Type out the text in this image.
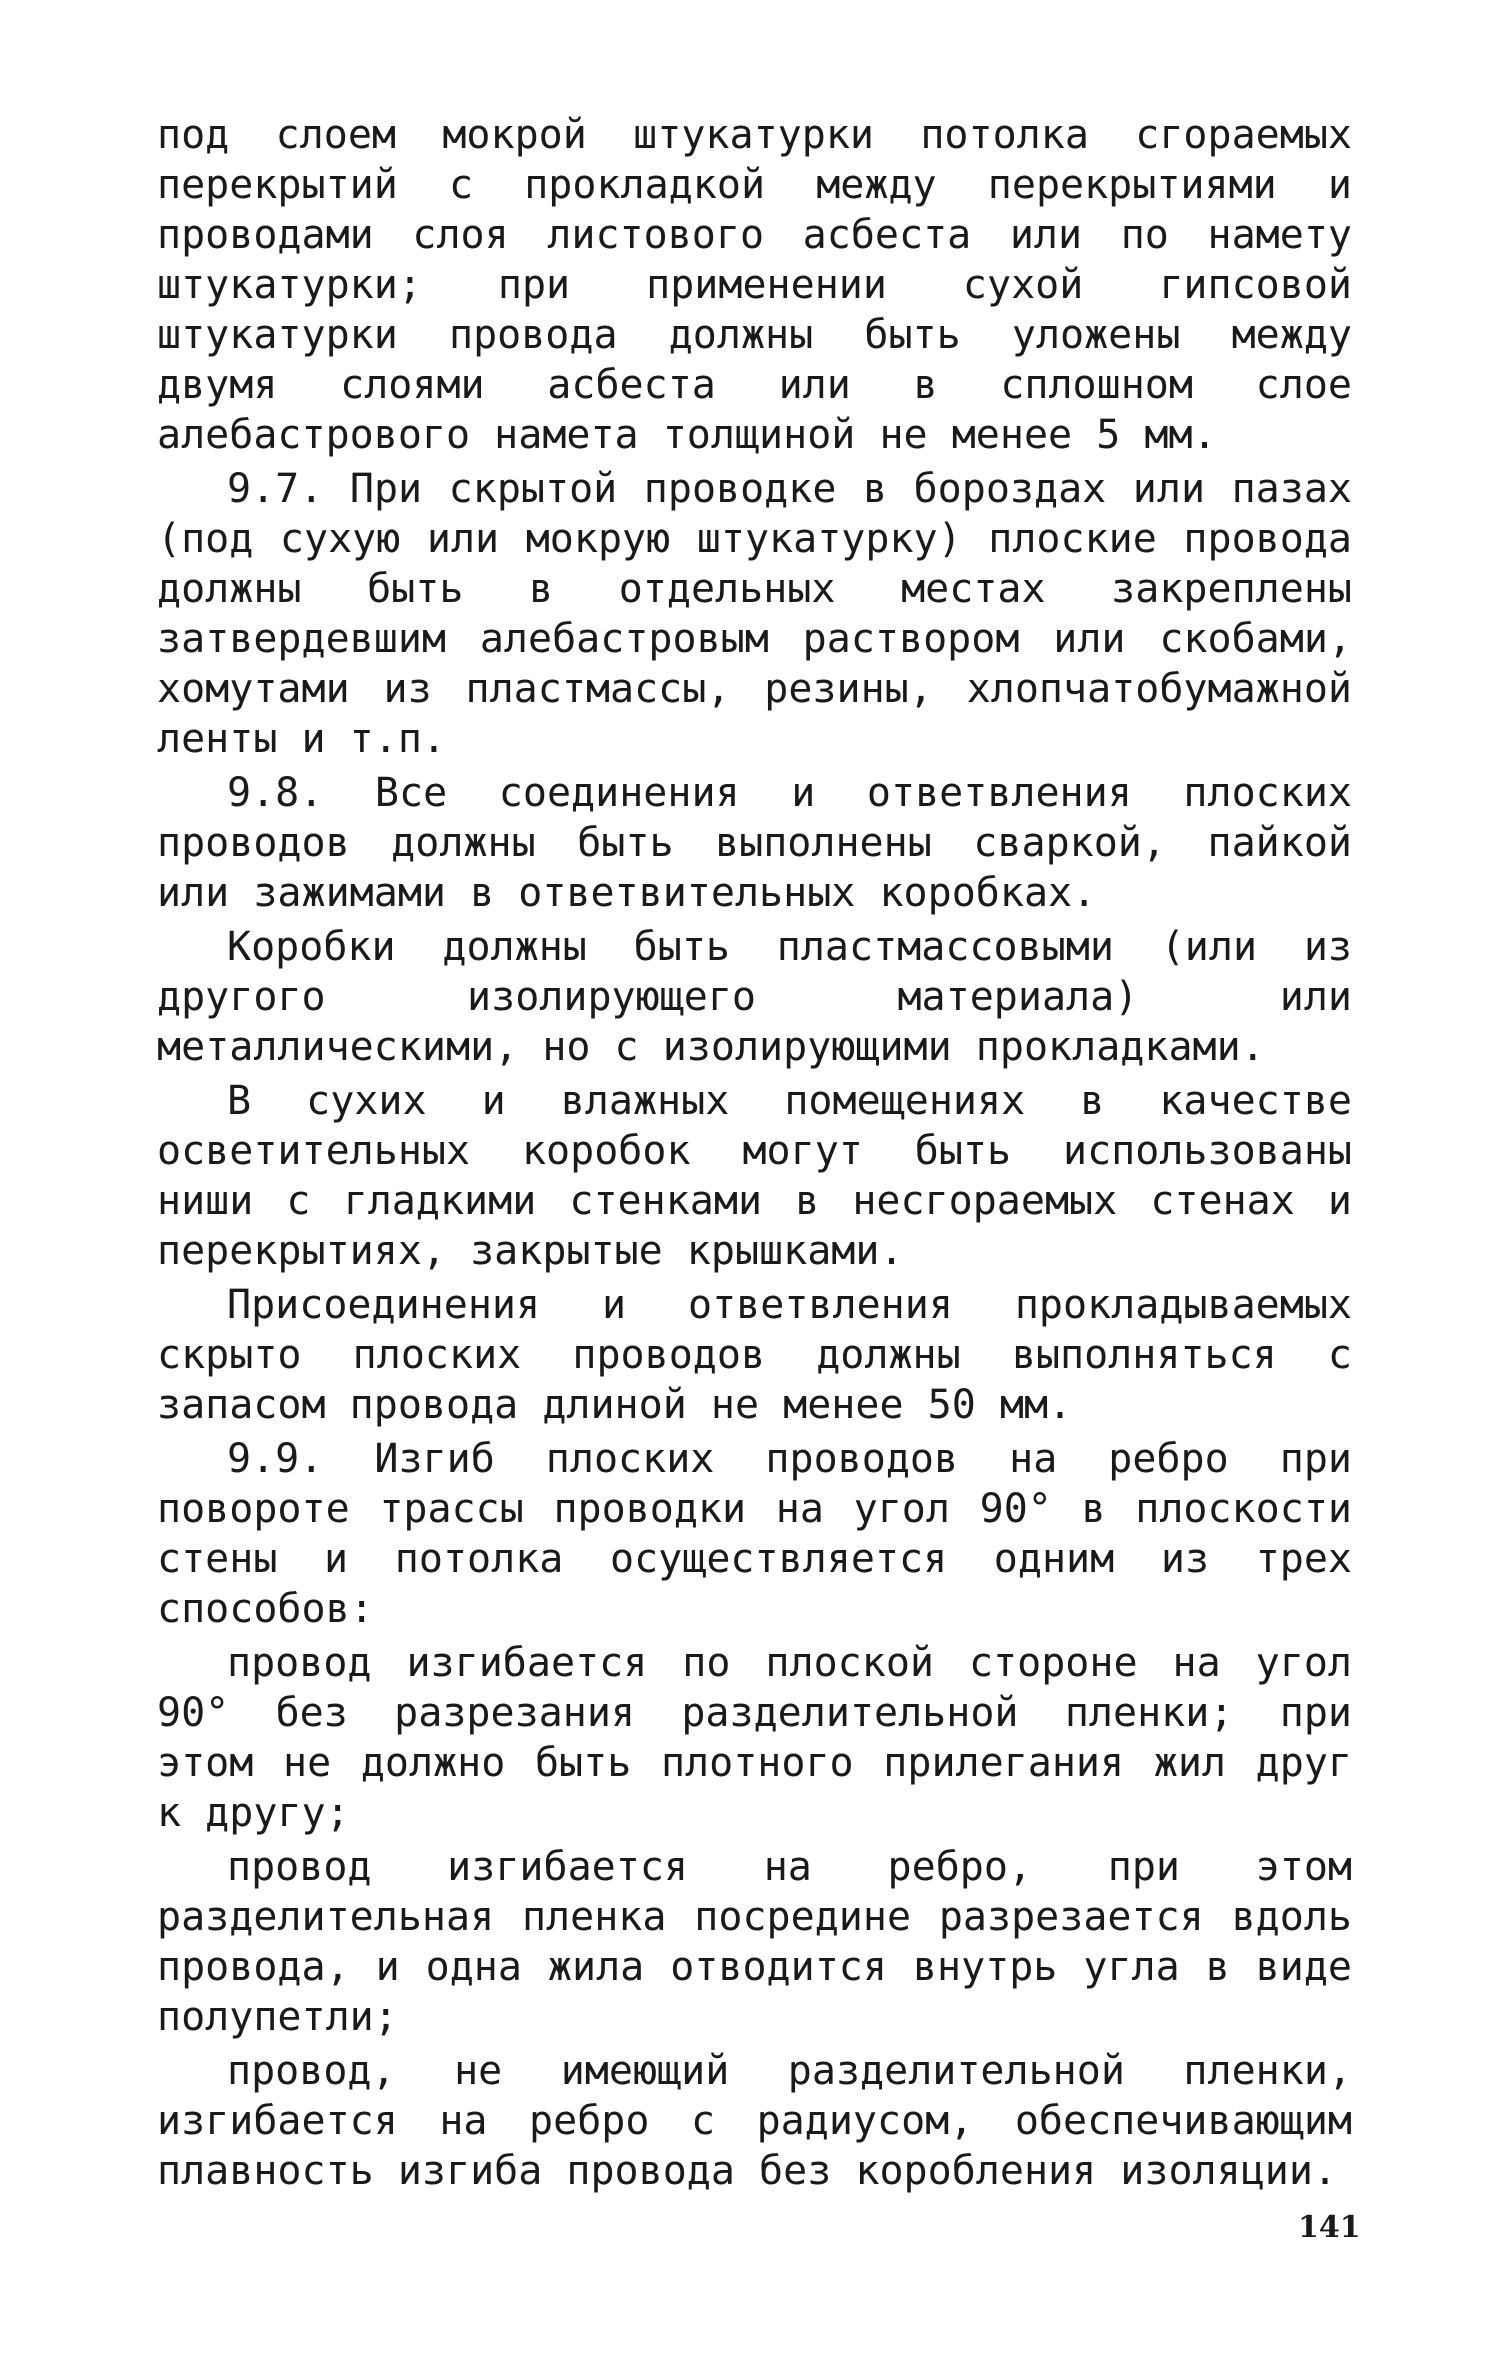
под слоем мокрой штукатурки потолка сгораемых перекрытий с прокладкой между перекрытиями и проводами слоя листового асбеста или по намету штукатурки; при применении сухой гипсовой штукатурки провода должны быть уложены между двумя слоями асбеста или в сплошном слое алебастрового намета толщиной не менее 5 мм.

9.7. При скрытой проводке в бороздах или пазах (под сухую или мокрую штукатурку) плоские провода должны быть в отдельных местах закреплены затвердевшим алебастровым раствором или скобами, хомутами из пластмассы, резины, хлопчатобумажной ленты и т.п.

9.8. Все соединения и ответвления плоских проводов должны быть выполнены сваркой, пайкой или зажимами в ответвительных коробках.

Коробки должны быть пластмассовыми (или из другого изолирующего материала) или металлическими, но с изолирующими прокладками.

В сухих и влажных помещениях в качестве осветительных коробок могут быть использованы ниши с гладкими стенками в несгораемых стенах и перекрытиях, закрытые крышками.

Присоединения и ответвления прокладываемых скрыто плоских проводов должны выполняться с запасом провода длиной не менее 50 мм.

9.9. Изгиб плоских проводов на ребро при повороте трассы проводки на угол 90° в плоскости стены и потолка осуществляется одним из трех способов:

провод изгибается по плоской стороне на угол 90° без разрезания разделительной пленки; при этом не должно быть плотного прилегания жил друг к другу;

провод изгибается на ребро, при этом разделительная пленка посредине разрезается вдоль провода, и одна жила отводится внутрь угла в виде полупетли;

провод, не имеющий разделительной пленки, изгибается на ребро с радиусом, обеспечивающим плавность изгиба провода без коробления изоляции.

141
